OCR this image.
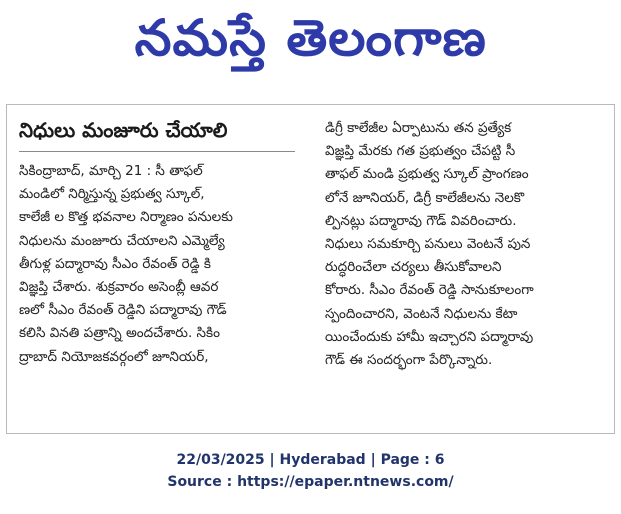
నమస్తే తెలంగాణ
నిధులు మంజూరు చేయాలి
సికింద్రాబాద్, మార్చి 21 : సీ తాఫల్
మండిలో నిర్మిస్తున్న ప్రభుత్వ స్కూల్,
కాలేజీ ల కొత్త భవనాల నిర్మాణం పనులకు
నిధులను మంజూరు చేయాలని ఎమ్మెల్యే
తీగుళ్ల పద్మారావు సీఎం రేవంత్ రెడ్డి కి
విజ్ఞప్తి చేశారు. శుక్రవారం అసెంబ్లీ ఆవర
ణలో సీఎం రేవంత్ రెడ్డిని పద్మారావు గౌడ్
కలిసి వినతి పత్రాన్ని అందచేశారు. సికిం
ద్రాబాద్ నియోజకవర్గంలో జూనియర్,
డిగ్రీ కాలేజీల ఏర్పాటును తన ప్రత్యేక
విజ్ఞప్తి మేరకు గత ప్రభుత్వం చేపట్టి సీ
తాఫల్ మండి ప్రభుత్వ స్కూల్ ప్రాంగణం
లోనే జూనియర్, డిగ్రీ కాలేజీలను నెలకొ
ల్పినట్లు పద్మారావు గౌడ్ వివరించారు.
నిధులు సమకూర్చి పనులు వెంటనే పున
రుద్ధరించేలా చర్యలు తీసుకోవాలని
కోరారు. సీఎం రేవంత్ రెడ్డి సానుకూలంగా
స్పందించారని, వెంటనే నిధులను కేటా
యించేందుకు హామీ ఇచ్చారని పద్మారావు
గౌడ్ ఈ సందర్భంగా పేర్కొన్నారు.
22/03/2025 | Hyderabad | Page : 6
Source : https://epaper.ntnews.com/
